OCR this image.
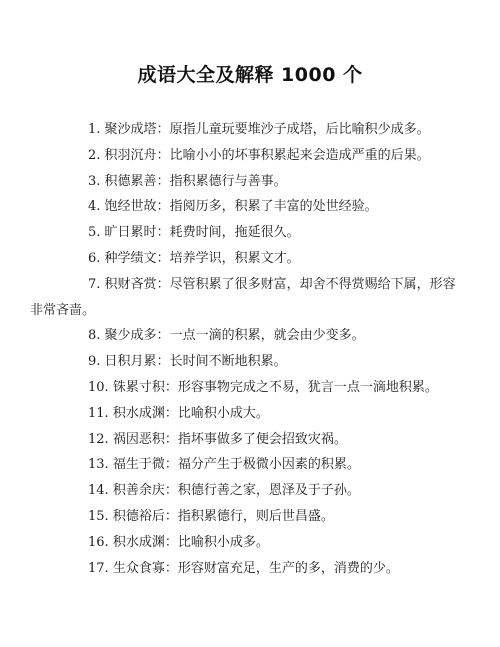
成语大全及解释 1000 个
1. 聚沙成塔：原指儿童玩要堆沙子成塔，后比喻积少成多。
2. 积羽沉舟：比喻小小的坏事积累起来会造成严重的后果。
3. 积德累善：指积累德行与善事。
4. 饱经世故：指阅历多，积累了丰富的处世经验。
5. 旷日累时：耗费时间，拖延很久。
6. 种学绩文：培养学识，积累文才。
7. 积财吝赏：尽管积累了很多财富，却舍不得赏赐给下属，形容非常吝啬。
8. 聚少成多：一点一滴的积累，就会由少变多。
9. 日积月累：长时间不断地积累。
10. 铢累寸积：形容事物完成之不易，犹言一点一滴地积累。
11. 积水成渊：比喻积小成大。
12. 祸因恶积：指坏事做多了便会招致灾祸。
13. 福生于微：福分产生于极微小因素的积累。
14. 积善余庆：积德行善之家，恩泽及于子孙。
15. 积德裕后：指积累德行，则后世昌盛。
16. 积水成渊：比喻积小成多。
17. 生众食寡：形容财富充足，生产的多，消费的少。
